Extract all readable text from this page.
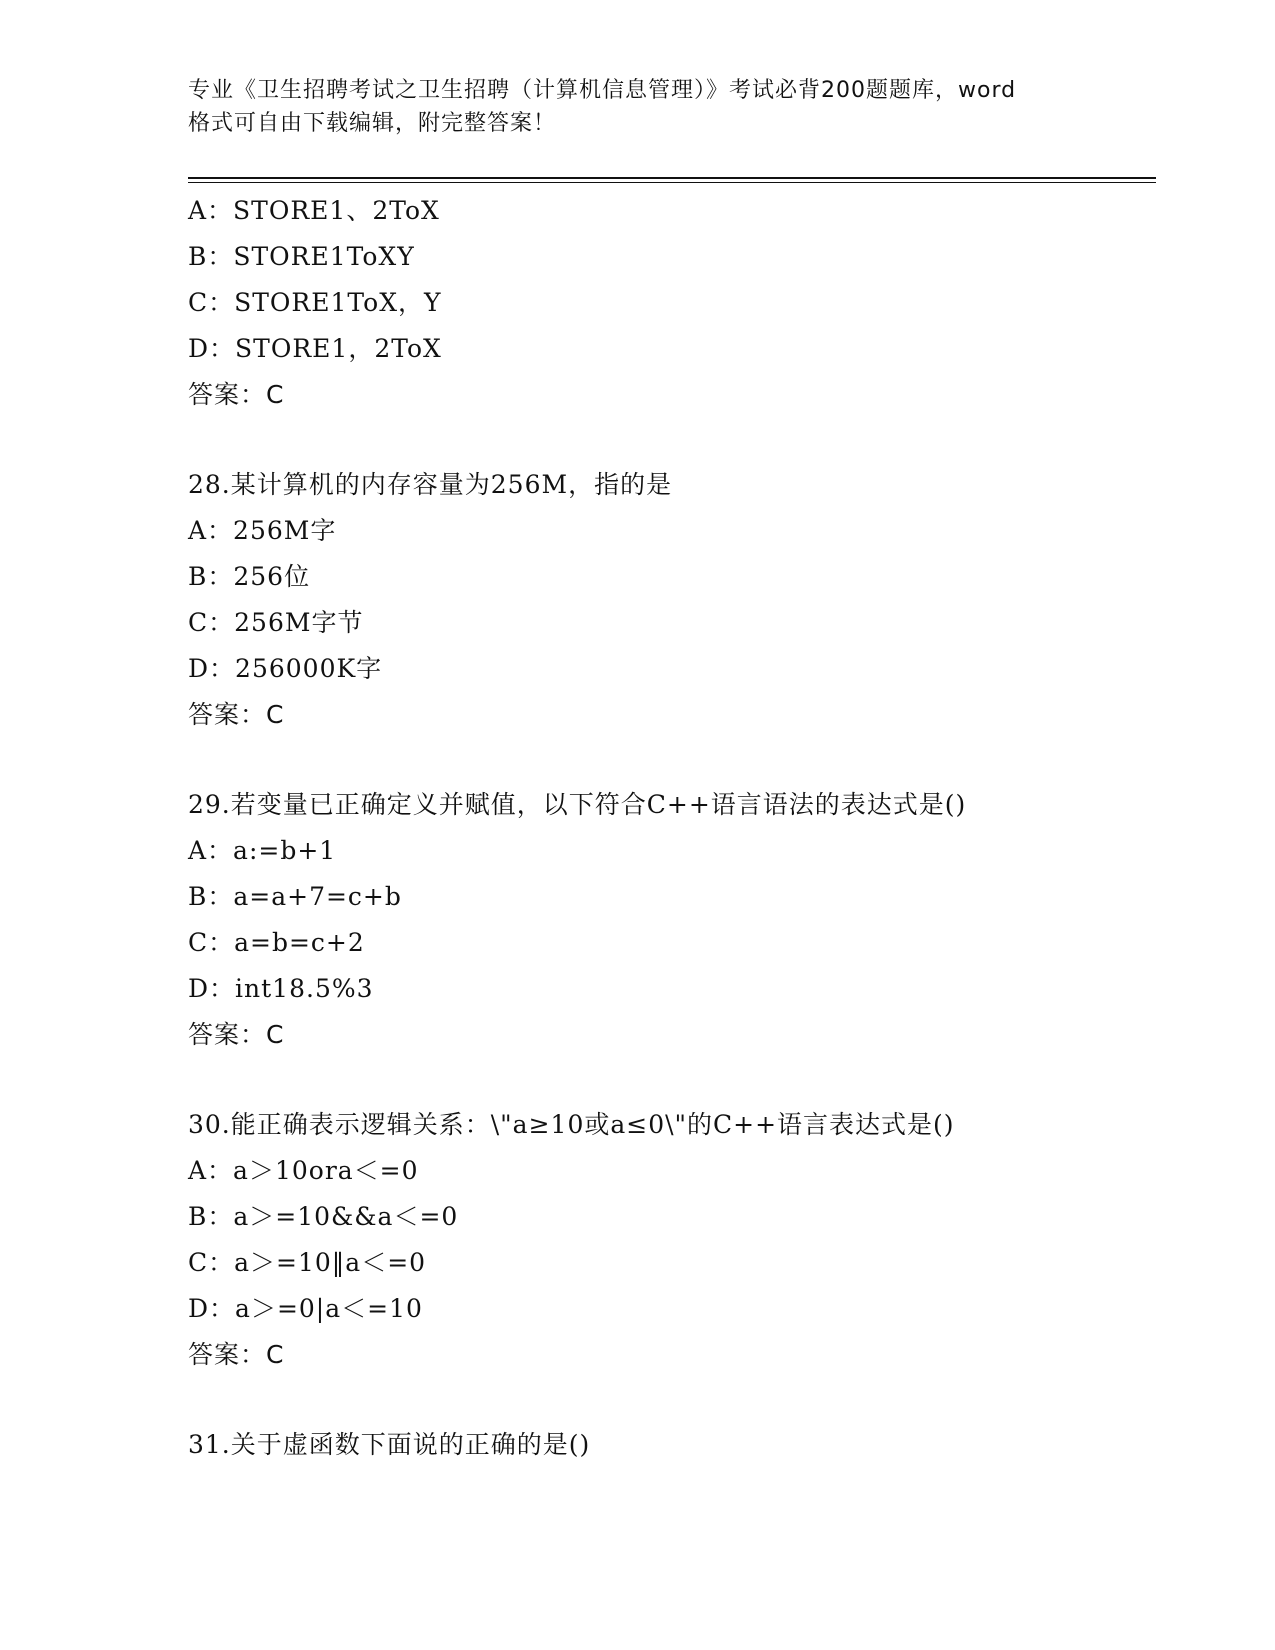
专业《卫生招聘考试之卫生招聘（计算机信息管理）》考试必背200题题库，word
格式可自由下载编辑，附完整答案！
A：STORE1、2ToX
B：STORE1ToXY
C：STORE1ToX，Y
D：STORE1，2ToX
答案：C
28.某计算机的内存容量为256M，指的是
A：256M字
B：256位
C：256M字节
D：256000K字
答案：C
29.若变量已正确定义并赋值，以下符合C++语言语法的表达式是()
A：a:=b+1
B：a=a+7=c+b
C：a=b=c+2
D：int18.5%3
答案：C
30.能正确表示逻辑关系：\"a≥10或a≤0\"的C++语言表达式是()
A：a＞10ora＜=0
B：a＞=10&&a＜=0
C：a＞=10‖a＜=0
D：a＞=0|a＜=10
答案：C
31.关于虚函数下面说的正确的是()
